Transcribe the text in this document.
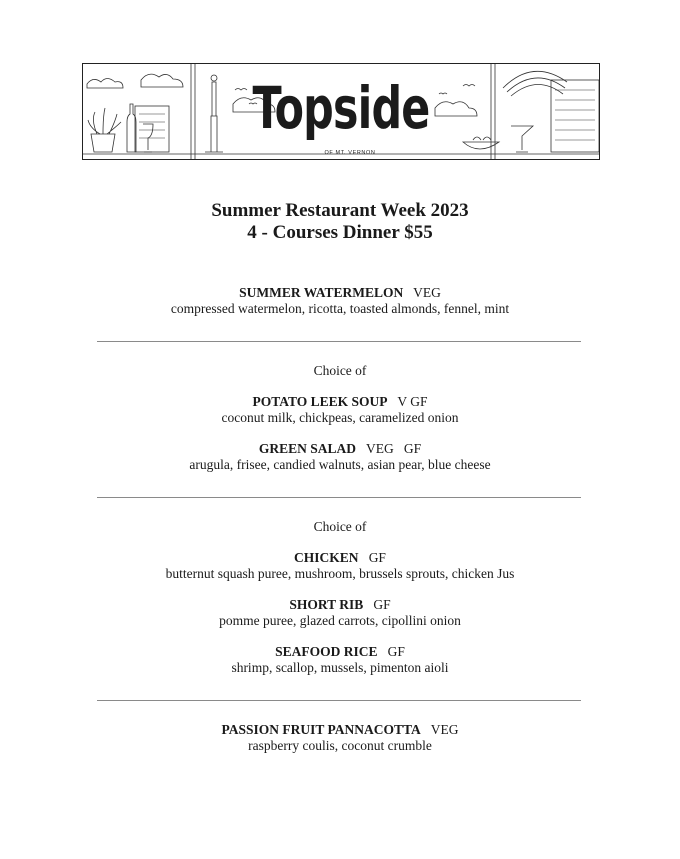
Topside
OF MT. VERNON
Summer Restaurant Week 2023
4 - Courses Dinner $55
SUMMER WATERMELON VEG
compressed watermelon, ricotta, toasted almonds, fennel, mint
Choice of
POTATO LEEK SOUP V GF
coconut milk, chickpeas, caramelized onion
GREEN SALAD VEG   GF
arugula, frisee, candied walnuts, asian pear, blue cheese
Choice of
CHICKEN GF
butternut squash puree, mushroom, brussels sprouts, chicken Jus
SHORT RIB GF
pomme puree, glazed carrots, cipollini onion
SEAFOOD RICE GF
shrimp, scallop, mussels, pimenton aioli
PASSION FRUIT PANNACOTTA VEG
raspberry coulis, coconut crumble
